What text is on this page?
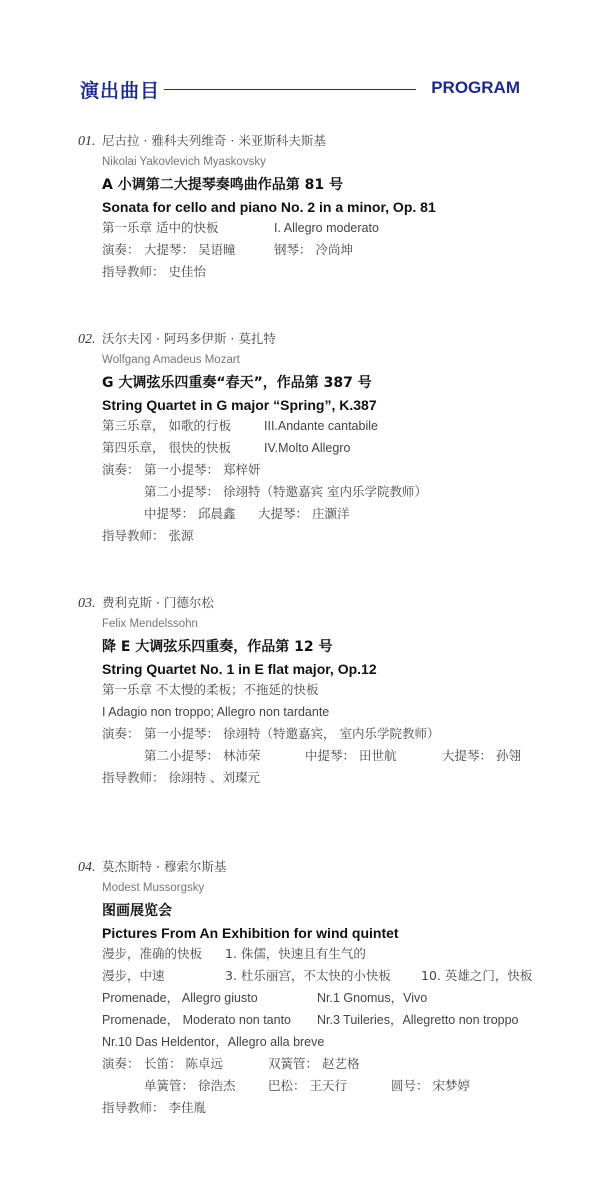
演出曲目	PROGRAM
01. 尼古拉 · 雅科夫列维奇 · 米亚斯科夫斯基
Nikolai Yakovlevich Myaskovsky
A 小调第二大提琴奏鸣曲作品第 81 号
Sonata for cello and piano No. 2 in a minor, Op. 81
第一乐章 适中的快板	I. Allegro moderato
演奏： 大提琴： 吴语瞳	钢琴： 冷尚坤
指导教师： 史佳怡
02. 沃尔夫冈 · 阿玛多伊斯 · 莫扎特
Wolfgang Amadeus Mozart
G 大调弦乐四重奏“春天”，作品第 387 号
String Quartet in G major “Spring”, K.387
第三乐章， 如歌的行板	III.Andante cantabile
第四乐章， 很快的快板	IV.Molto Allegro
演奏： 第一小提琴： 郑梓妍
第二小提琴： 徐翊特（特邀嘉宾 室内乐学院教师）
中提琴： 邱晨鑫 大提琴： 庄灏洋
指导教师： 张源
03. 费利克斯 · 门德尔松
Felix Mendelssohn
降 E 大调弦乐四重奏，作品第 12 号
String Quartet No. 1 in E flat major, Op.12
第一乐章 不太慢的柔板；不拖延的快板
I Adagio non troppo; Allegro non tardante
演奏： 第一小提琴： 徐翊特（特邀嘉宾， 室内乐学院教师）
第二小提琴： 林沛荣	中提琴： 田世航	大提琴： 孙翎
指导教师： 徐翊特 、刘璨元
04. 莫杰斯特 · 穆索尔斯基
Modest Mussorgsky
图画展览会
Pictures From An Exhibition for wind quintet
漫步，准确的快板 1. 侏儒，快速且有生气的
漫步，中速	3. 杜乐丽宫，不太快的小快板 10. 英雄之门，快板
Promenade， Allegro giusto	Nr.1 Gnomus，Vivo
Promenade， Moderato non tanto Nr.3 Tuileries，Allegretto non troppo
Nr.10 Das Heldentor，Allegro alla breve
演奏： 长笛： 陈卓远	双簧管： 赵艺格
单簧管： 徐浩杰	巴松： 王天行	圆号： 宋梦婷
指导教师： 李佳胤
